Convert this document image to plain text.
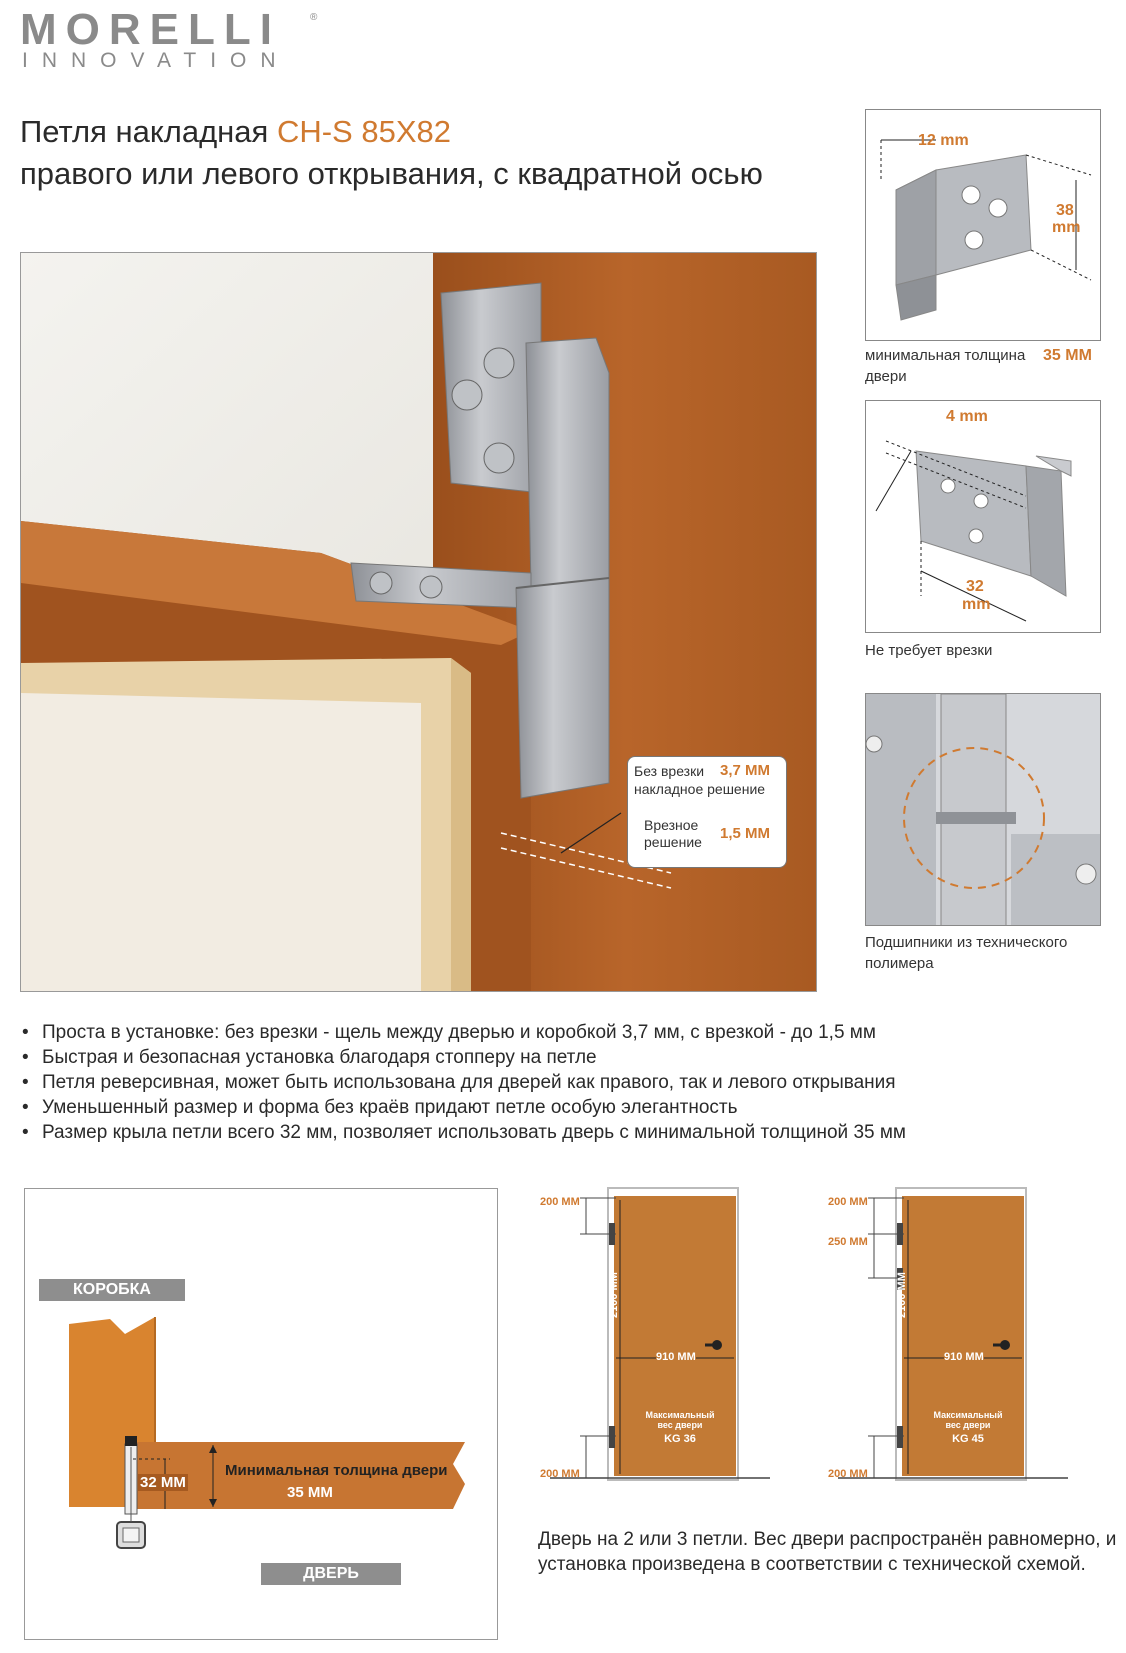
MORELLI	®
INNOVATION
Петля накладная CH-S 85X82
правого или левого открывания, с квадратной осью
Без врезки 3,7 ММ
накладное решение
Врезное
решение 1,5 ММ
12 mm
38
mm
минимальная толщина
двери
35 ММ
4 mm
32
mm
Не требует врезки
Подшипники из технического
полимера
• Проста в установке: без врезки - щель между дверью и коробкой 3,7 мм, с врезкой - до 1,5 мм
• Быстрая и безопасная установка благодаря стопперу на петле
• Петля реверсивная, может быть использована для дверей как правого, так и левого открывания
• Уменьшенный размер и форма без краёв придают петле особую элегантность
• Размер крыла петли всего 32 мм, позволяет использовать дверь с минимальной толщиной 35 мм
КОРОБКА
32 ММ
Минимальная толщина двери
35 ММ
ДВЕРЬ
200 ММ
200 ММ
2100 ММ
910 ММ
Максимальный
вес двери
KG 36
200 ММ
250 ММ
200 ММ
2100 ММ
910 ММ
Максимальный
вес двери
KG 45
Дверь на 2 или 3 петли. Вес двери распространён равномерно, и установка произведена в соответствии с технической схемой.
